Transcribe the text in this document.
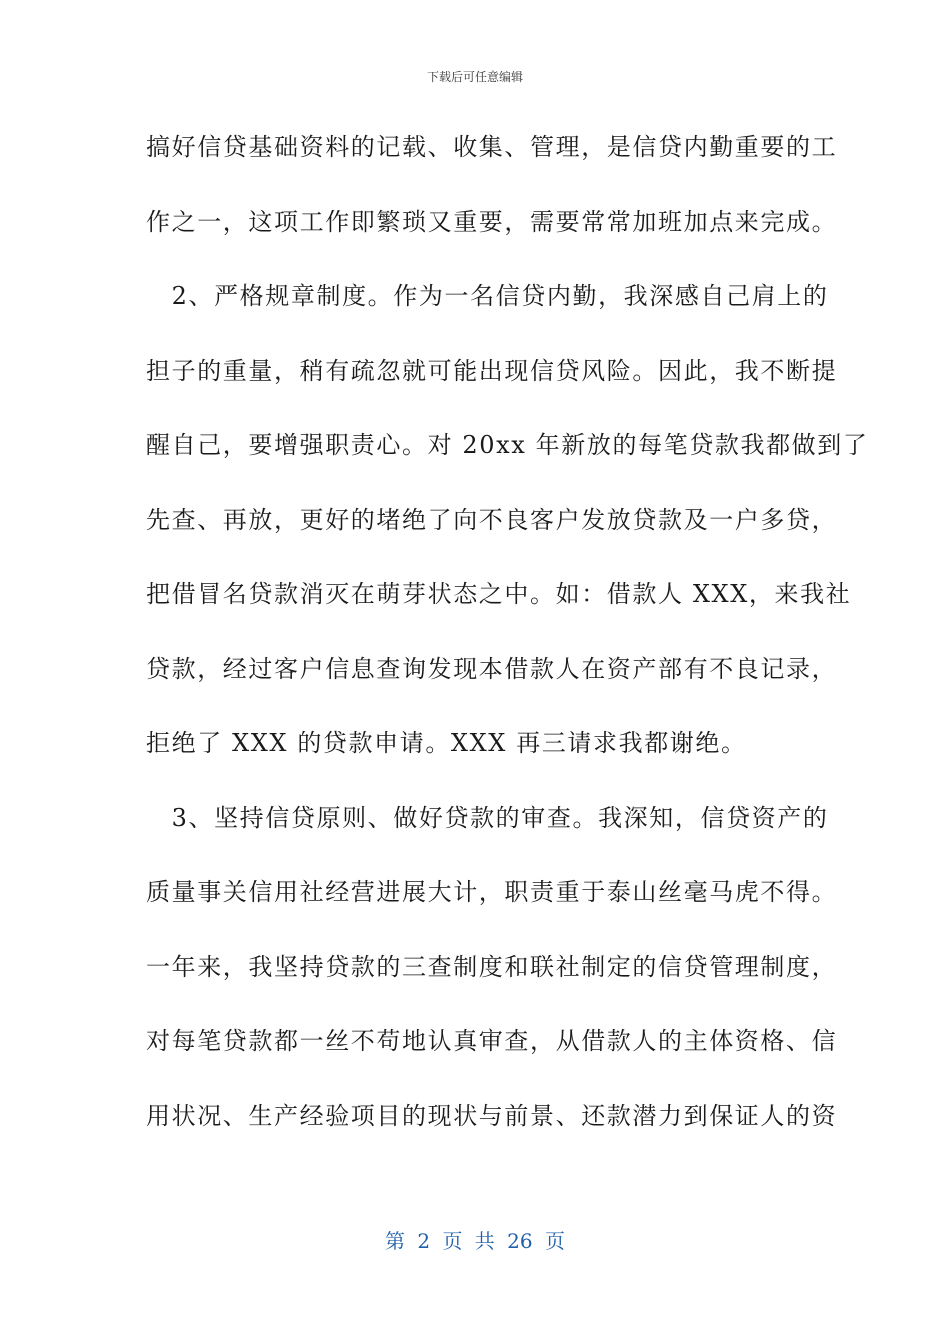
下载后可任意编辑
搞好信贷基础资料的记载、收集、管理，是信贷内勤重要的工
作之一，这项工作即繁琐又重要，需要常常加班加点来完成。
　2、严格规章制度。作为一名信贷内勤，我深感自己肩上的
担子的重量，稍有疏忽就可能出现信贷风险。因此，我不断提
醒自己，要增强职责心。对 20xx 年新放的每笔贷款我都做到了
先查、再放，更好的堵绝了向不良客户发放贷款及一户多贷，
把借冒名贷款消灭在萌芽状态之中。如：借款人 XXX，来我社
贷款，经过客户信息查询发现本借款人在资产部有不良记录，
拒绝了 XXX 的贷款申请。XXX 再三请求我都谢绝。
　3、坚持信贷原则、做好贷款的审查。我深知，信贷资产的
质量事关信用社经营进展大计，职责重于泰山丝毫马虎不得。
一年来，我坚持贷款的三查制度和联社制定的信贷管理制度，
对每笔贷款都一丝不苟地认真审查，从借款人的主体资格、信
用状况、生产经验项目的现状与前景、还款潜力到保证人的资
第 2 页 共 26 页
